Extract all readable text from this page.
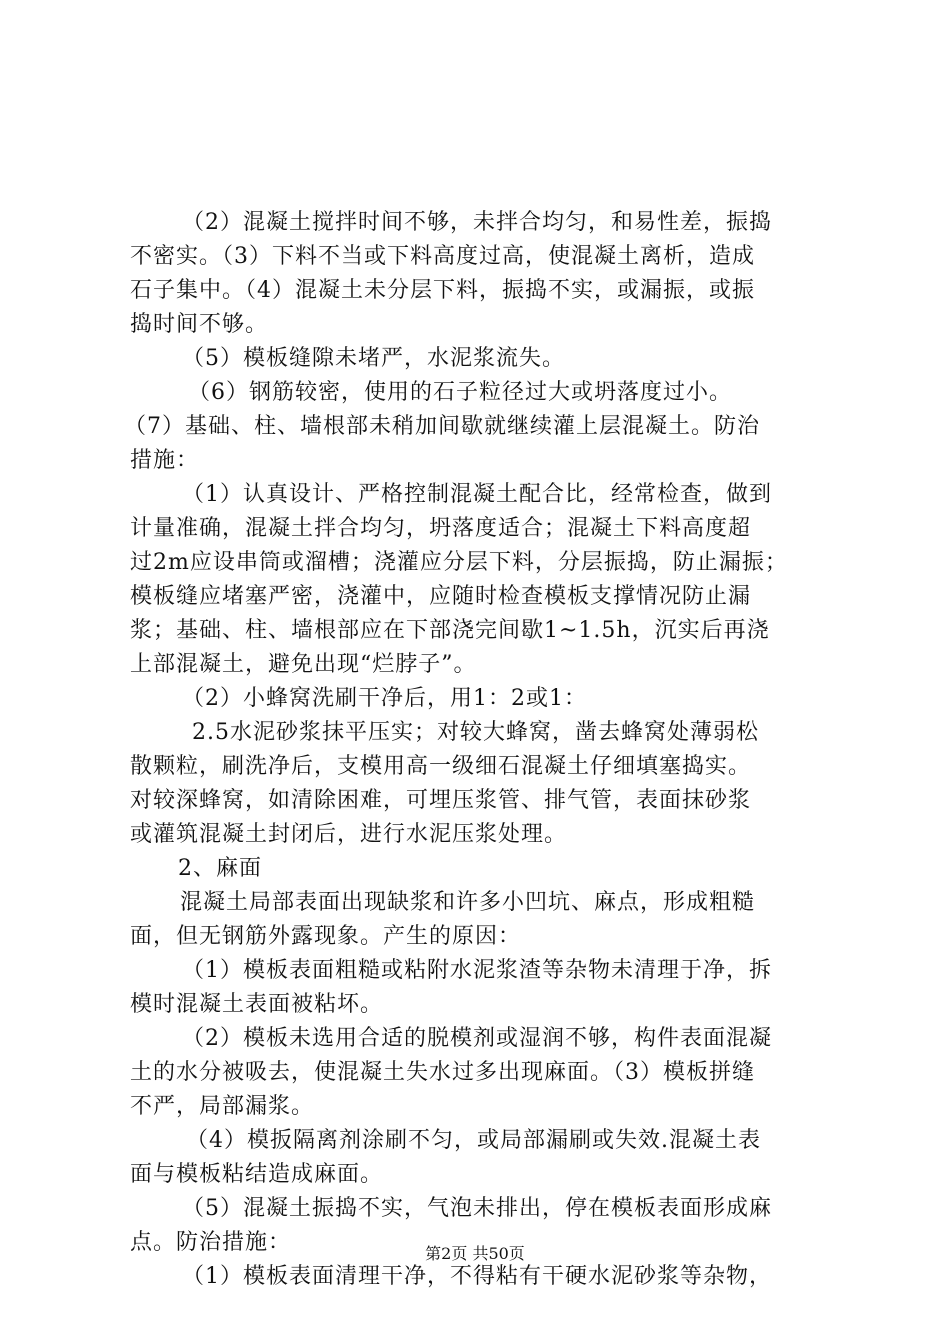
（2）混凝土搅拌时间不够，未拌合均匀，和易性差，振捣
不密实。（3）下料不当或下料高度过高，使混凝土离析，造成
石子集中。（4）混凝土未分层下料，振捣不实，或漏振，或振
捣时间不够。
（5）模板缝隙未堵严，水泥浆流失。
（6）钢筋较密，使用的石子粒径过大或坍落度过小。
（7）基础、柱、墙根部未稍加间歇就继续灌上层混凝土。防治
措施：
（1）认真设计、严格控制混凝土配合比，经常检查，做到
计量准确，混凝土拌合均匀，坍落度适合；混凝土下料高度超
过2m应设串筒或溜槽；浇灌应分层下料，分层振捣，防止漏振；
模板缝应堵塞严密，浇灌中，应随时检查模板支撑情况防止漏
浆；基础、柱、墙根部应在下部浇完间歇1~1.5h，沉实后再浇
上部混凝土，避免出现“烂脖子”。
（2）小蜂窝洗刷干净后，用1：2或1：
2.5水泥砂浆抹平压实；对较大蜂窝，凿去蜂窝处薄弱松
散颗粒，刷洗净后，支模用高一级细石混凝土仔细填塞捣实。
对较深蜂窝，如清除困难，可埋压浆管、排气管，表面抹砂浆
或灌筑混凝土封闭后，进行水泥压浆处理。
2、麻面
混凝土局部表面出现缺浆和许多小凹坑、麻点，形成粗糙
面，但无钢筋外露现象。产生的原因：
（1）模板表面粗糙或粘附水泥浆渣等杂物未清理于净，拆
模时混凝土表面被粘坏。
（2）模板未选用合适的脱模剂或湿润不够，构件表面混凝
土的水分被吸去，使混凝土失水过多出现麻面。（3）模板拼缝
不严，局部漏浆。
（4）模扳隔离剂涂刷不匀，或局部漏刷或失效.混凝土表
面与模板粘结造成麻面。
（5）混凝土振捣不实，气泡未排出，停在模板表面形成麻
点。防治措施：
（1）模板表面清理干净，不得粘有干硬水泥砂浆等杂物，
第2页 共50页
